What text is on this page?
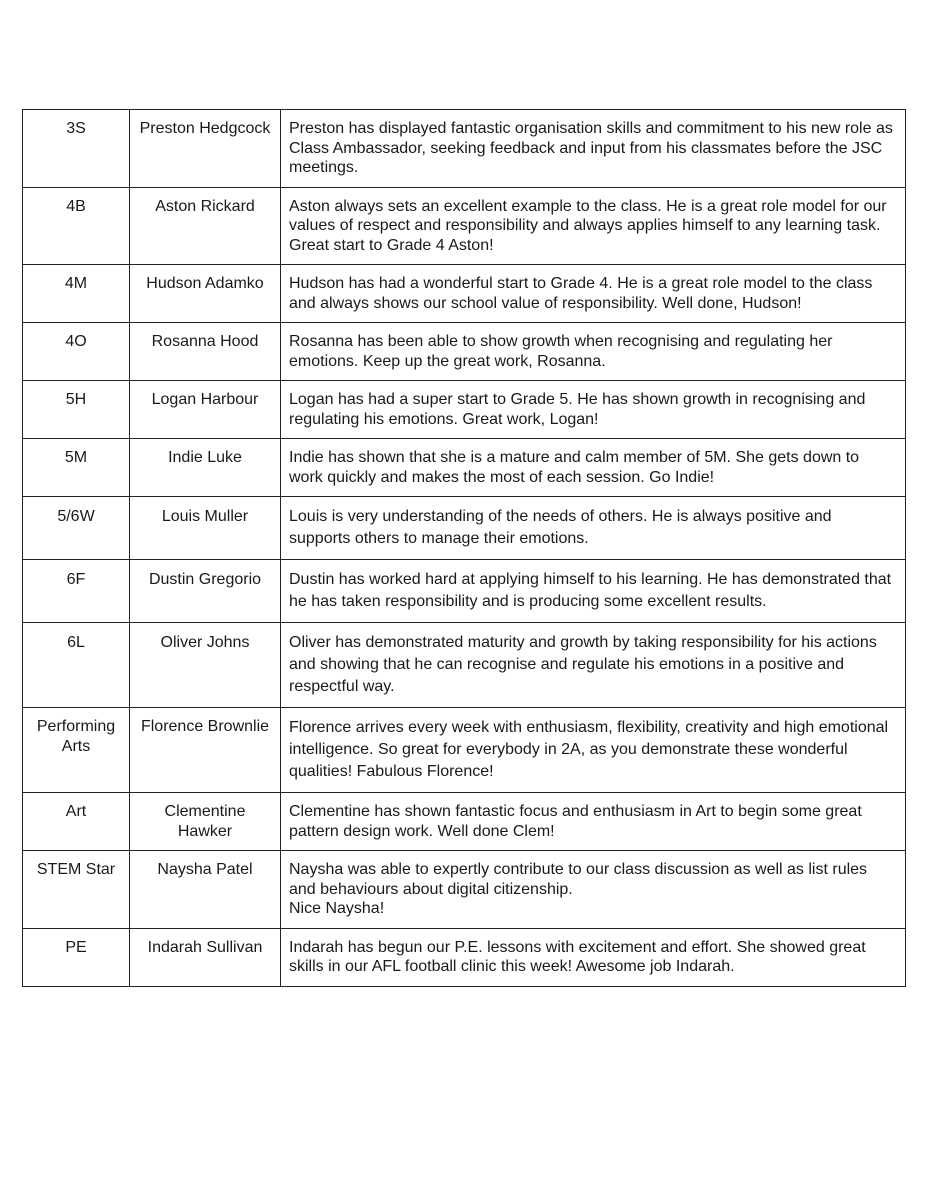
3S	Preston Hedgcock	Preston has displayed fantastic organisation skills and commitment to his new role as Class Ambassador, seeking feedback and input from his classmates before the JSC meetings.
4B	Aston Rickard	Aston always sets an excellent example to the class. He is a great role model for our values of respect and responsibility and always applies himself to any learning task. Great start to Grade 4 Aston!
4M	Hudson Adamko	Hudson has had a wonderful start to Grade 4. He is a great role model to the class and always shows our school value of responsibility. Well done, Hudson!
4O	Rosanna Hood	Rosanna has been able to show growth when recognising and regulating her emotions. Keep up the great work, Rosanna.
5H	Logan Harbour	Logan has had a super start to Grade 5. He has shown growth in recognising and regulating his emotions. Great work, Logan!
5M	Indie Luke	Indie has shown that she is a mature and calm member of 5M. She gets down to work quickly and makes the most of each session. Go Indie!
5/6W	Louis Muller	Louis is very understanding of the needs of others. He is always positive and supports others to manage their emotions.
6F	Dustin Gregorio	Dustin has worked hard at applying himself to his learning. He has demonstrated that he has taken responsibility and is producing some excellent results.
6L	Oliver Johns	Oliver has demonstrated maturity and growth by taking responsibility for his actions and showing that he can recognise and regulate his emotions in a positive and respectful way.
Performing Arts	Florence Brownlie	Florence arrives every week with enthusiasm, flexibility, creativity and high emotional intelligence. So great for everybody in 2A, as you demonstrate these wonderful qualities! Fabulous Florence!
Art	Clementine Hawker	Clementine has shown fantastic focus and enthusiasm in Art to begin some great pattern design work. Well done Clem!
STEM Star	Naysha Patel	Naysha was able to expertly contribute to our class discussion as well as list rules and behaviours about digital citizenship.
Nice Naysha!
PE	Indarah Sullivan	Indarah has begun our P.E. lessons with excitement and effort. She showed great skills in our AFL football clinic this week! Awesome job Indarah.
